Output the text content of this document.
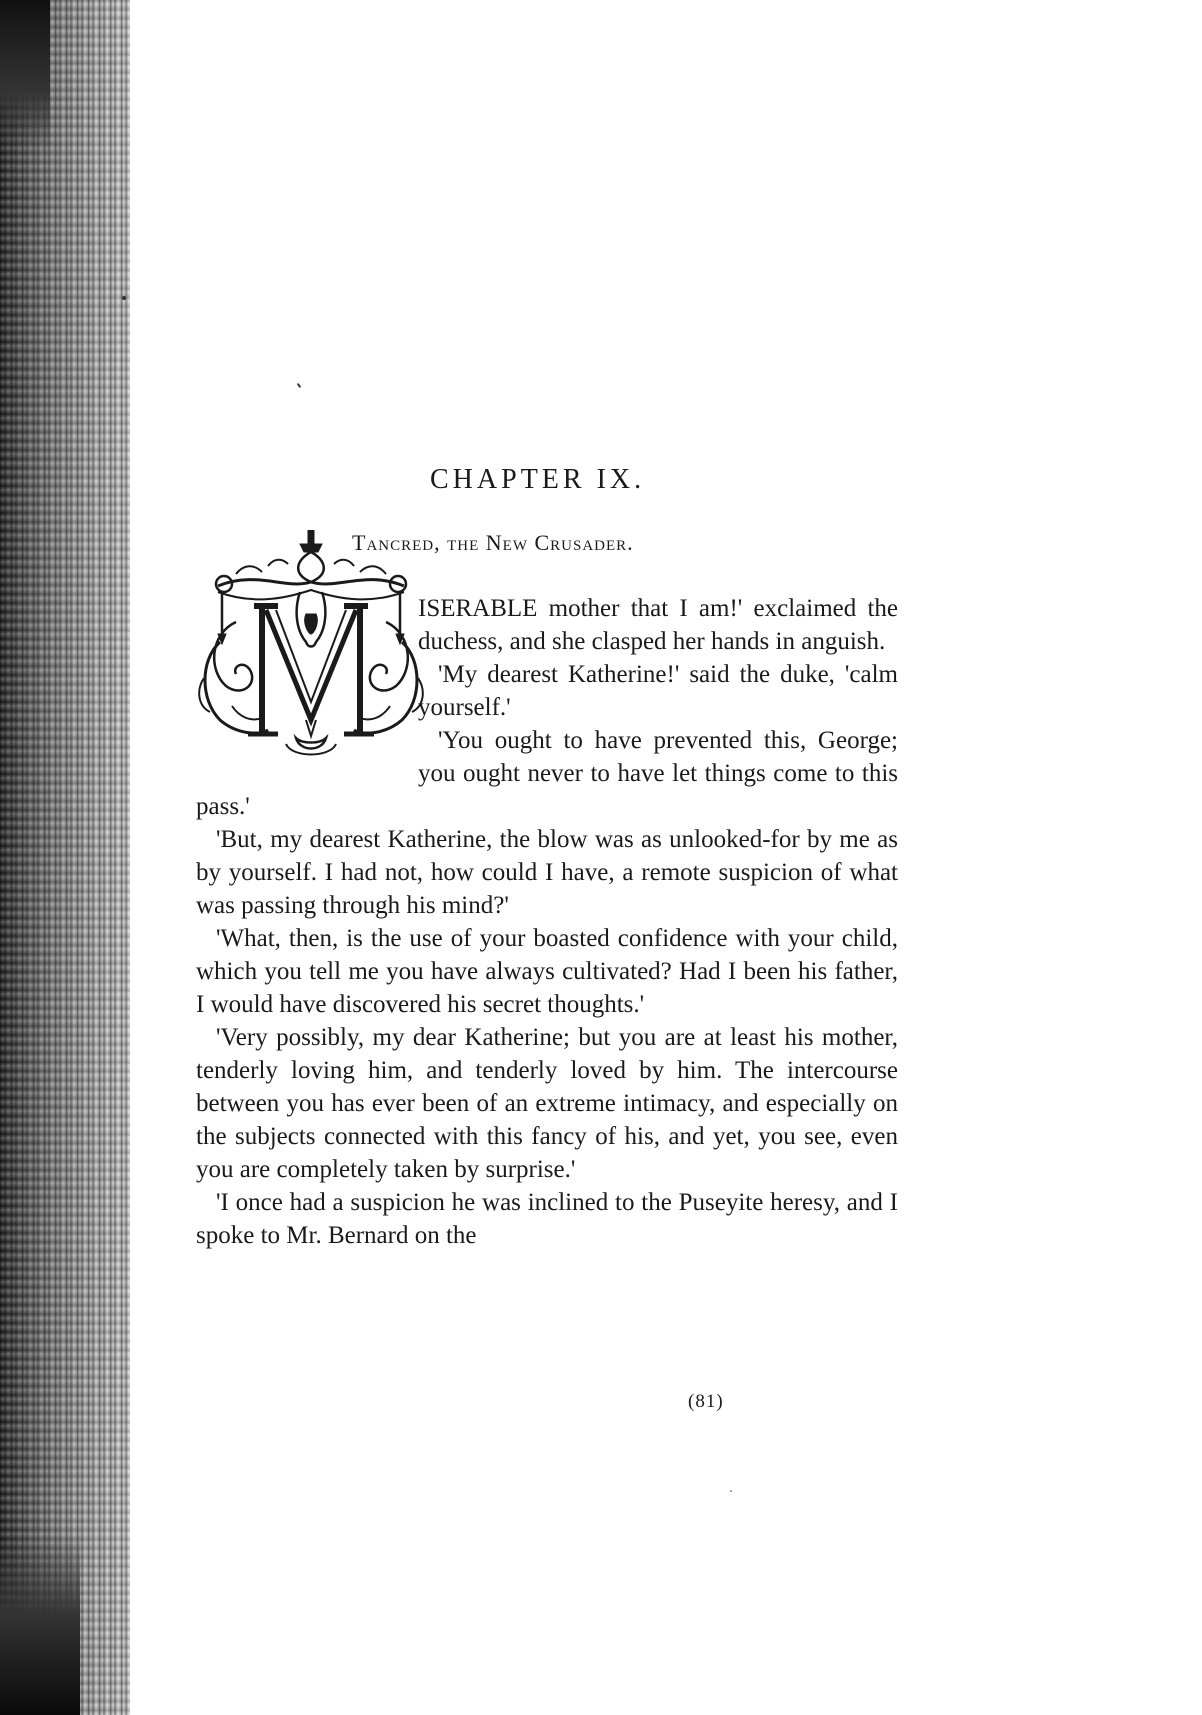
CHAPTER IX.
Tancred, the New Crusader.

ISERABLE mother that I am!' exclaimed the duchess, and she clasped her hands in anguish.

'My dearest Katherine!' said the duke, 'calm yourself.'

'You ought to have prevented this, George; you ought never to have let things come to this pass.'

'But, my dearest Katherine, the blow was as unlooked-for by me as by yourself. I had not, how could I have, a remote suspicion of what was passing through his mind?'

'What, then, is the use of your boasted confidence with your child, which you tell me you have always cultivated? Had I been his father, I would have discovered his secret thoughts.'

'Very possibly, my dear Katherine; but you are at least his mother, tenderly loving him, and tenderly loved by him. The intercourse between you has ever been of an extreme intimacy, and especially on the subjects connected with this fancy of his, and yet, you see, even you are completely taken by surprise.'

'I once had a suspicion he was inclined to the Puseyite heresy, and I spoke to Mr. Bernard on the

(81)
